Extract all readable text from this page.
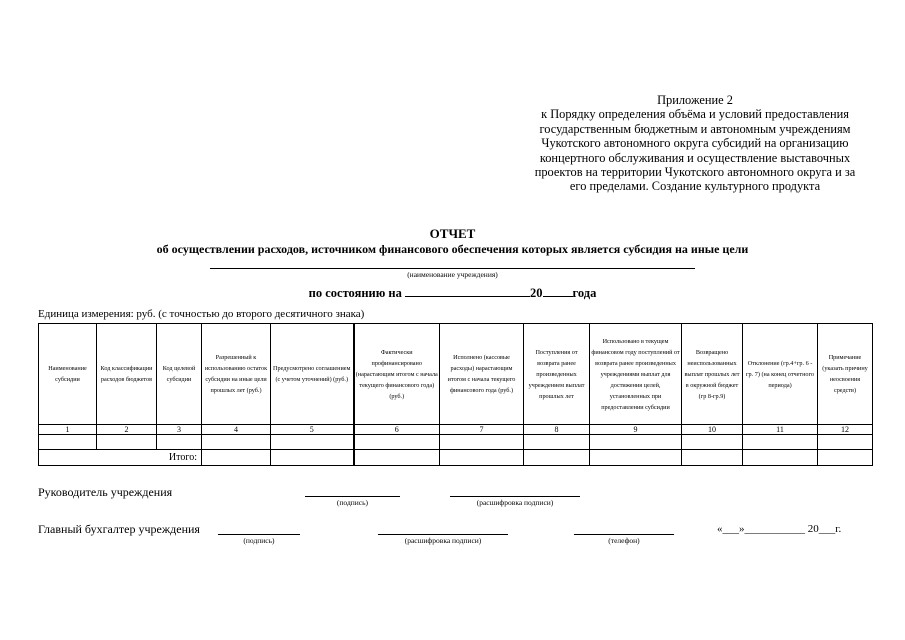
Приложение 2
к Порядку определения объёма и условий предоставления
государственным бюджетным и автономным учреждениям
Чукотского автономного округа субсидий на организацию
концертного обслуживания и осуществление выставочных
проектов на территории Чукотского автономного округа и за
его пределами. Создание культурного продукта
ОТЧЕТ
об осуществлении расходов, источником финансового обеспечения которых является субсидия на иные цели
(наименование учреждения)
по состоянию на	20 года
Единица измерения: руб. (с точностью до второго десятичного знака)
Наименование субсидии	Код классификации расходов бюджетов	Код целевой субсидии	Разрешенный к использованию остаток субсидии на иные цели прошлых лет (руб.)	Предусмотрено соглашением (с учетом уточнений) (руб.)	Фактически профинансировано (нарастающим итогом с начала текущего финансового года) (руб.)	Исполнено (кассовые расходы) нарастающим итогом с начала текущего финансового года (руб.)	Поступления от возврата ранее произведенных учреждением выплат прошлых лет	Использовано в текущем финансовом году поступлений от возврата ранее произведенных учреждениями выплат для достижения целей, установленных при предоставлении субсидии	Возвращено неиспользованных выплат прошлых лет в окружной бюджет (гр 8-гр.9)	Отклонение (гр.4+гр. 6 - гр. 7) (на конец отчетного периода)	Примечание (указать причину неосвоения средств)
1	2	3	4	5	6	7	8	9	10	11	12

Итого:											
Руководитель учреждения
(подпись)	(расшифровка подписи)
Главный бухгалтер учреждения
(подпись)	(расшифровка подписи)	(телефон)
«___»___________ 20___г.
